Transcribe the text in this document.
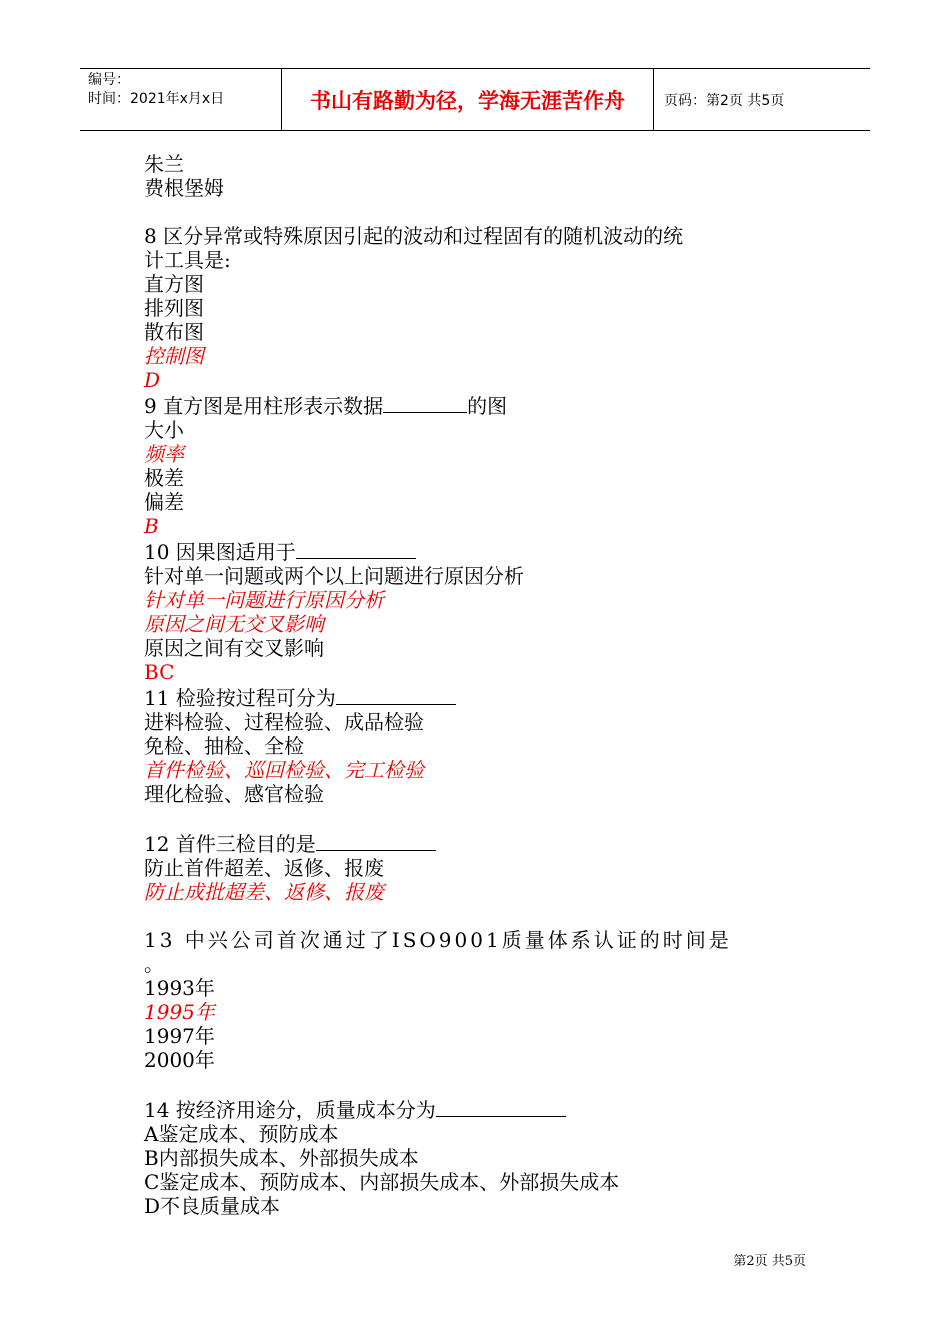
编号：
时间：2021年x月x日	书山有路勤为径，学海无涯苦作舟	页码：第2页 共5页
朱兰
费根堡姆
8 区分异常或特殊原因引起的波动和过程固有的随机波动的统
计工具是:
直方图
排列图
散布图
控制图
D
9 直方图是用柱形表示数据	的图
大小
频率
极差
偏差
B
10 因果图适用于
针对单一问题或两个以上问题进行原因分析
针对单一问题进行原因分析
原因之间无交叉影响
原因之间有交叉影响
BC
11 检验按过程可分为
进料检验、过程检验、成品检验
免检、抽检、全检
首件检验、巡回检验、完工检验
理化检验、感官检验
12 首件三检目的是
防止首件超差、返修、报废
防止成批超差、返修、报废
13 中兴公司首次通过了ISO9001质量体系认证的时间是
。
1993年
1995年
1997年
2000年
14 按经济用途分，质量成本分为
A鉴定成本、预防成本
B内部损失成本、外部损失成本
C鉴定成本、预防成本、内部损失成本、外部损失成本
D不良质量成本
第2页 共5页
